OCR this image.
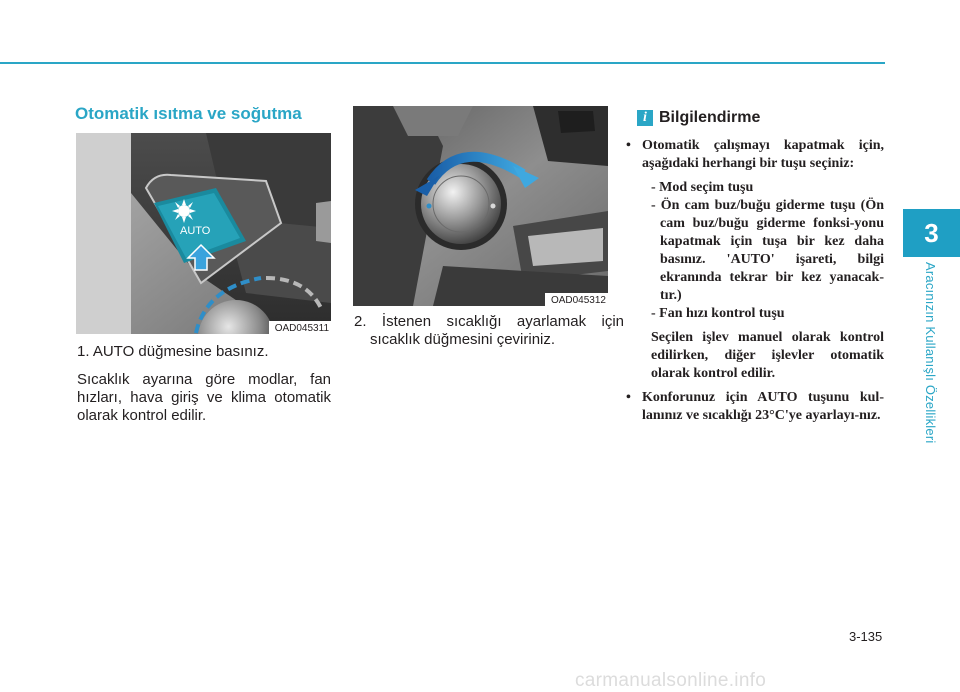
3
Aracınızın Kullanışlı Özellikleri
Otomatik ısıtma ve soğutma
AUTO
OAD045311
OAD045312
1. AUTO düğmesine basınız.
Sıcaklık ayarına göre modlar, fan hızları, hava giriş ve klima otomatik olarak kontrol edilir.
2. İstenen sıcaklığı ayarlamak için sıcaklık düğmesini çeviriniz.
i Bilgilendirme
• Otomatik çalışmayı kapatmak için, aşağıdaki herhangi bir tuşu seçiniz:
- Mod seçim tuşu
- Ön cam buz/buğu giderme tuşu (Ön cam buz/buğu giderme fonksi-yonu kapatmak için tuşa bir kez daha basınız. 'AUTO' işareti, bilgi ekranında tekrar bir kez yanacak-tır.)
- Fan hızı kontrol tuşu
Seçilen işlev manuel olarak kontrol edilirken, diğer işlevler otomatik olarak kontrol edilir.
• Konforunuz için AUTO tuşunu kul-lanınız ve sıcaklığı 23°C'ye ayarlayı-nız.
3-135
carmanualsonline.info
